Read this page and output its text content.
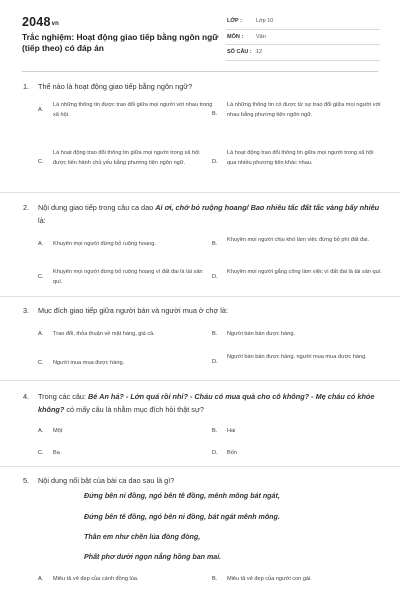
2048vn
Trắc nghiệm: Hoạt động giao tiếp bằng ngôn ngữ (tiếp theo) có đáp án
LỚP :	Lớp 10
MÔN : Văn
SỐ CÂU : 12
1. Thế nào là hoạt động giao tiếp bằng ngôn ngữ?
A.
Là những thông tin được trao đổi giữa mọi người với nhau trong xã hội.	B.
Là những thông tin có được từ sự trao đổi giữa mọi người với nhau bằng phương tiện ngôn ngữ.
C.
Là hoạt động trao đổi thông tin giữa mọi người trong xã hội được tiến hành chủ yếu bằng phương tiện ngôn ngữ.	D.
Là hoạt động trao đổi thông tin giữa mọi người trong xã hội qua nhiều phương tiện khác nhau.
2. Nội dung giao tiếp trong câu ca dao Ai ơi, chớ bỏ ruộng hoang/ Bao nhiêu tấc đất tấc vàng bấy nhiêu là:
A. Khuyên mọi người đừng bỏ ruộng hoang.	B.
Khuyên mọi người chịu khó làm việc đừng bỏ phí đất đai.
C.
Khuyên mọi người đừng bỏ ruộng hoang vì đất đai là tài sản quí.
D.
Khuyên mọi người gắng công làm việc vì đất đai là tài sản quí.
3. Mục đích giao tiếp giữa người bán và người mua ở chợ là:
A. Trao đổi, thỏa thuận về mặt hàng, giá cả.	B. Người bán bán được hàng.
C. Người mua mua được hàng.	D.
Người bán bán được hàng, người mua mua được hàng.
4. Trong các câu: Bé An hả? - Lớn quá rồi nhỉ? - Cháu có mua quà cho cô không? - Mẹ cháu có khỏe không? có mấy câu là nhằm mục đích hỏi thật sự?
A. Một	B. Hai
C. Ba	D. Bốn
5. Nội dung nổi bật của bài ca dao sau là gì?
Đứng bên ni đồng, ngó bên tê đồng, mênh mông bát ngát,
Đứng bên tê đồng, ngó bên ni đồng, bát ngát mênh mông.
Thân em như chẽn lúa đòng đòng,
Phất phơ dưới ngọn nắng hồng ban mai.
A. Miêu tả vẻ đẹp của cánh đồng lúa.	B. Miêu tả vẻ đẹp của người con gái.
